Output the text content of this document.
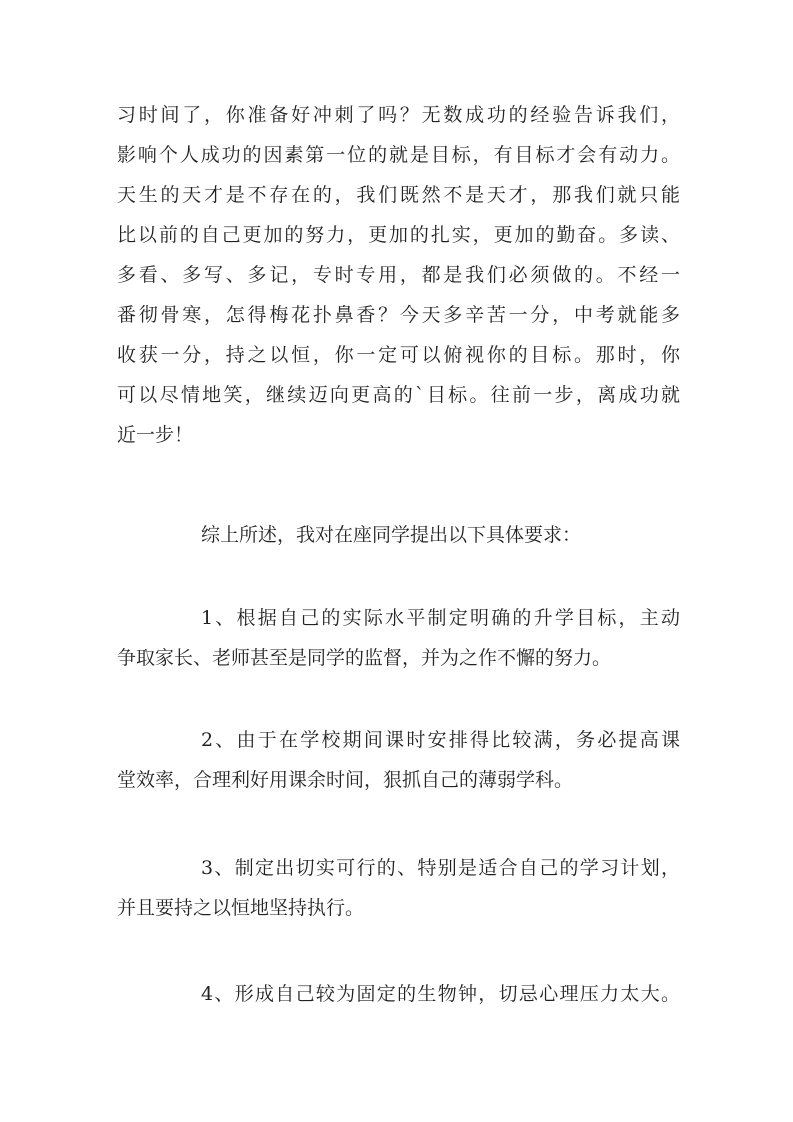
习时间了，你准备好冲刺了吗？无数成功的经验告诉我们，
影响个人成功的因素第一位的就是目标，有目标才会有动力。
天生的天才是不存在的，我们既然不是天才，那我们就只能
比以前的自己更加的努力，更加的扎实，更加的勤奋。多读、
多看、多写、多记，专时专用，都是我们必须做的。不经一
番彻骨寒，怎得梅花扑鼻香？今天多辛苦一分，中考就能多
收获一分，持之以恒，你一定可以俯视你的目标。那时，你
可以尽情地笑，继续迈向更高的`目标。往前一步，离成功就
近一步！
综上所述，我对在座同学提出以下具体要求：
1、根据自己的实际水平制定明确的升学目标，主动
争取家长、老师甚至是同学的监督，并为之作不懈的努力。
2、由于在学校期间课时安排得比较满，务必提高课
堂效率，合理利好用课余时间，狠抓自己的薄弱学科。
3、制定出切实可行的、特别是适合自己的学习计划，
并且要持之以恒地坚持执行。
4、形成自己较为固定的生物钟，切忌心理压力太大。
